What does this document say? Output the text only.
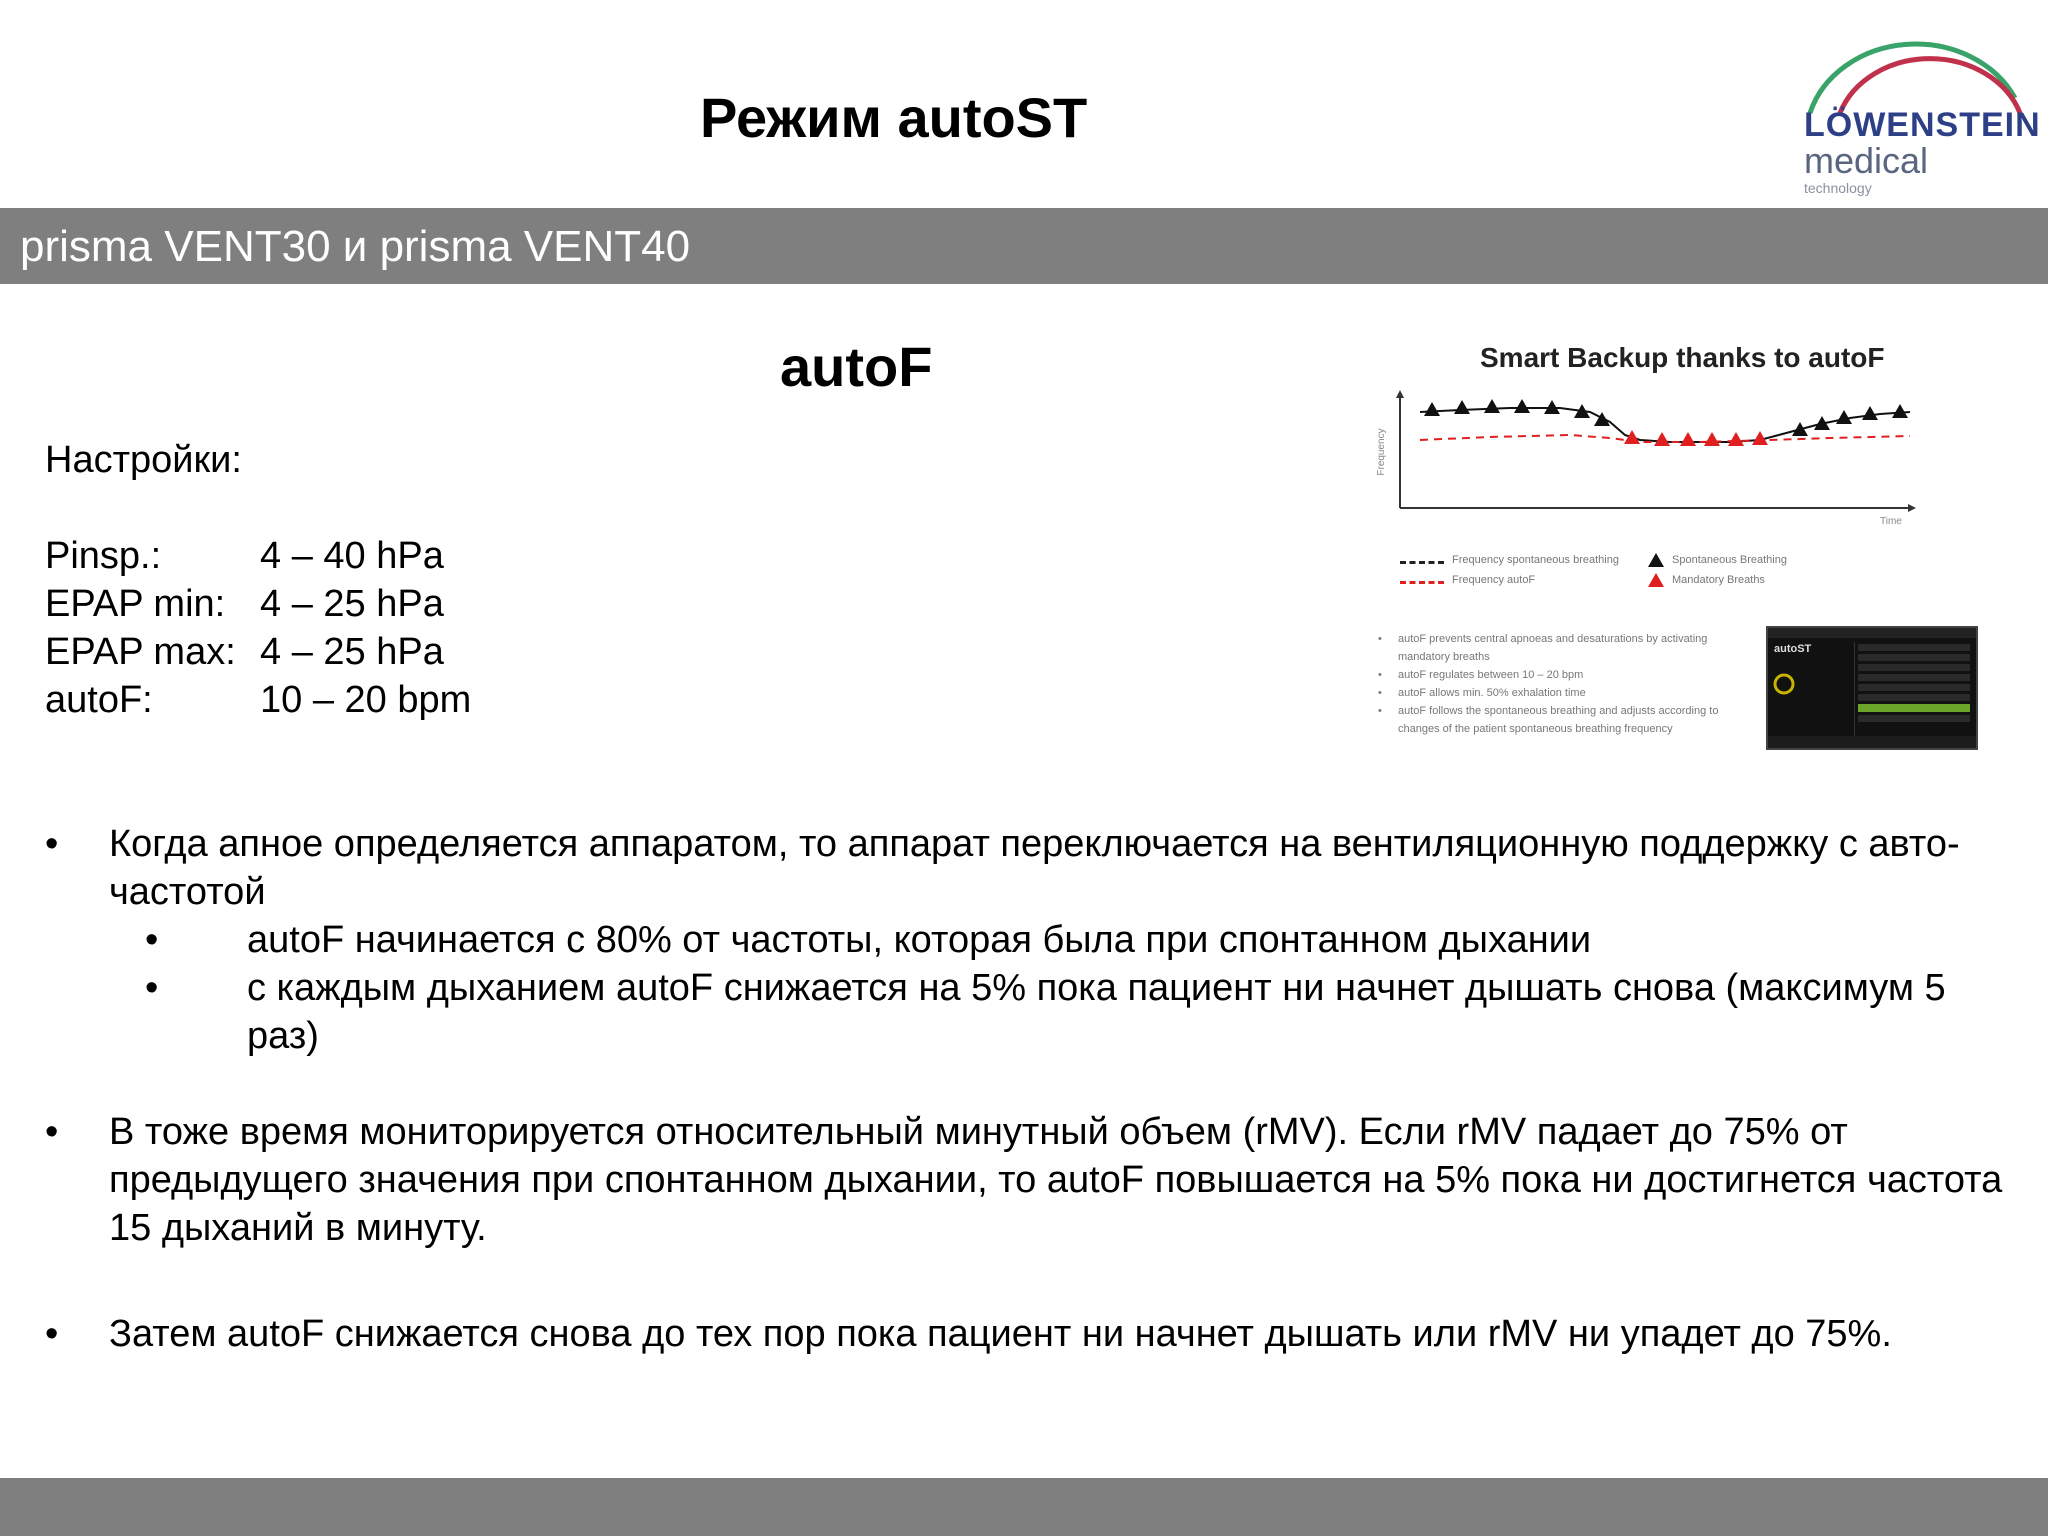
Режим autoST	LÖWENSTEIN
medical
technology
prisma VENT30 и prisma VENT40
autoF
Настройки:
Pinsp.:	4 – 40 hPa
EPAP min: 4 – 25 hPa
EPAP max: 4 – 25 hPa
autoF:	10 – 20 bpm
Smart Backup thanks to autoF
Frequency
Time
Frequency spontaneous breathing	Spontaneous Breathing
Frequency autoF	Mandatory Breaths
•	autoF prevents central apnoeas and desaturations by activating mandatory breaths
•	autoF regulates between 10 – 20 bpm
•	autoF allows min. 50% exhalation time
•	autoF follows the spontaneous breathing and adjusts according to changes of the patient spontaneous breathing frequency
autoST
•	Когда апное определяется аппаратом, то аппарат переключается на вентиляционную поддержку с авто-частотой
•	autoF начинается с 80% от частоты, которая была при спонтанном дыхании
•	с каждым дыханием autoF снижается на 5% пока пациент ни начнет дышать снова (максимум 5 раз)
•	В тоже время мониторируется относительный минутный объем (rMV). Если rMV падает до 75% от предыдущего значения при спонтанном дыхании, то autoF повышается на 5% пока ни достигнется частота 15 дыханий в минуту.
•	Затем autoF снижается снова до тех пор пока пациент ни начнет дышать или rMV ни упадет до 75%.
